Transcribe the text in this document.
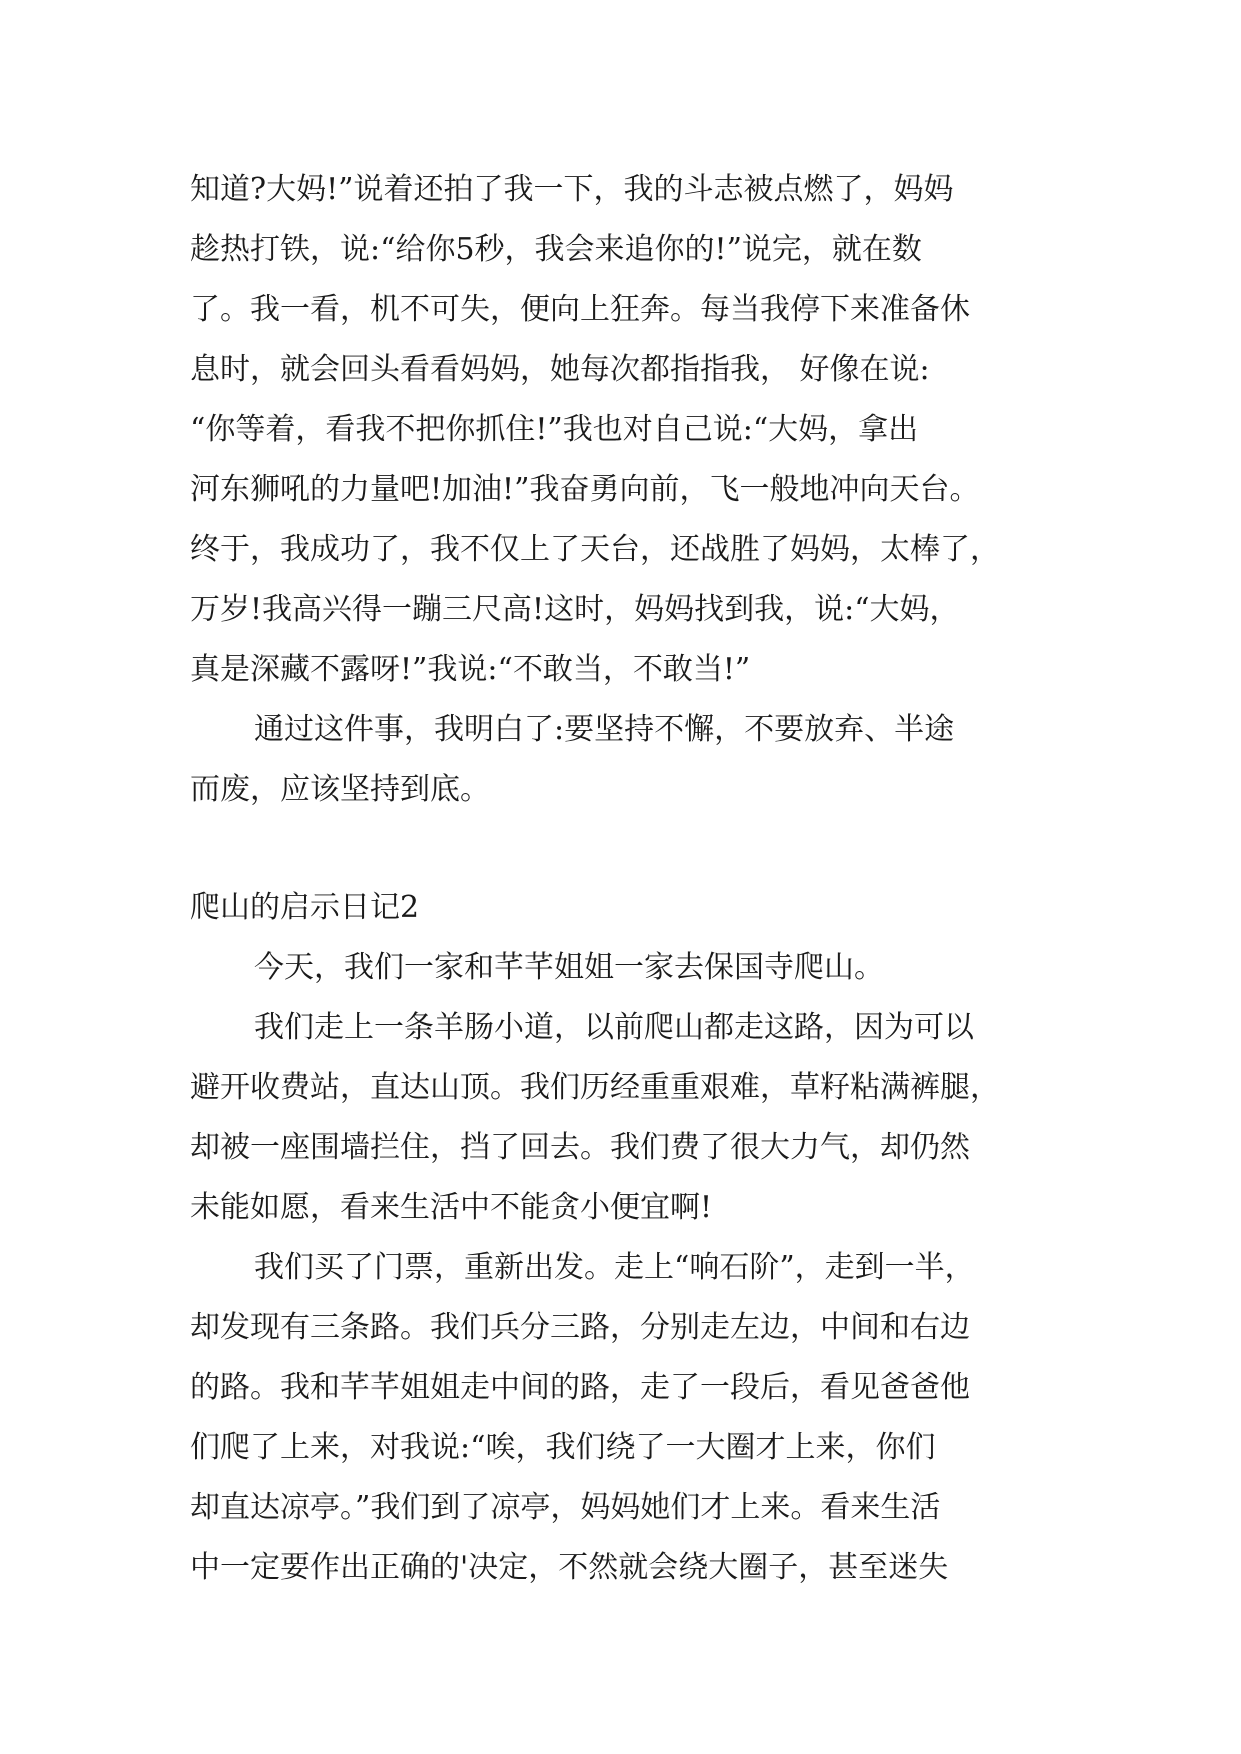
知道?大妈!”说着还拍了我一下，我的斗志被点燃了，妈妈
趁热打铁，说:“给你5秒，我会来追你的!”说完，就在数
了。我一看，机不可失，便向上狂奔。每当我停下来准备休
息时，就会回头看看妈妈，她每次都指指我， 好像在说:
“你等着，看我不把你抓住!”我也对自己说:“大妈，拿出
河东狮吼的力量吧!加油!”我奋勇向前，飞一般地冲向天台。
终于，我成功了，我不仅上了天台，还战胜了妈妈，太棒了，
万岁!我高兴得一蹦三尺高!这时，妈妈找到我，说:“大妈，
真是深藏不露呀!”我说:“不敢当，不敢当!”
通过这件事，我明白了:要坚持不懈，不要放弃、半途
而废，应该坚持到底。
爬山的启示日记2
今天，我们一家和芊芊姐姐一家去保国寺爬山。
我们走上一条羊肠小道，以前爬山都走这路，因为可以
避开收费站，直达山顶。我们历经重重艰难，草籽粘满裤腿，
却被一座围墙拦住，挡了回去。我们费了很大力气，却仍然
未能如愿，看来生活中不能贪小便宜啊!
我们买了门票，重新出发。走上“响石阶”，走到一半，
却发现有三条路。我们兵分三路，分别走左边，中间和右边
的路。我和芊芊姐姐走中间的路，走了一段后，看见爸爸他
们爬了上来，对我说:“唉，我们绕了一大圈才上来，你们
却直达凉亭。”我们到了凉亭，妈妈她们才上来。看来生活
中一定要作出正确的'决定，不然就会绕大圈子，甚至迷失
